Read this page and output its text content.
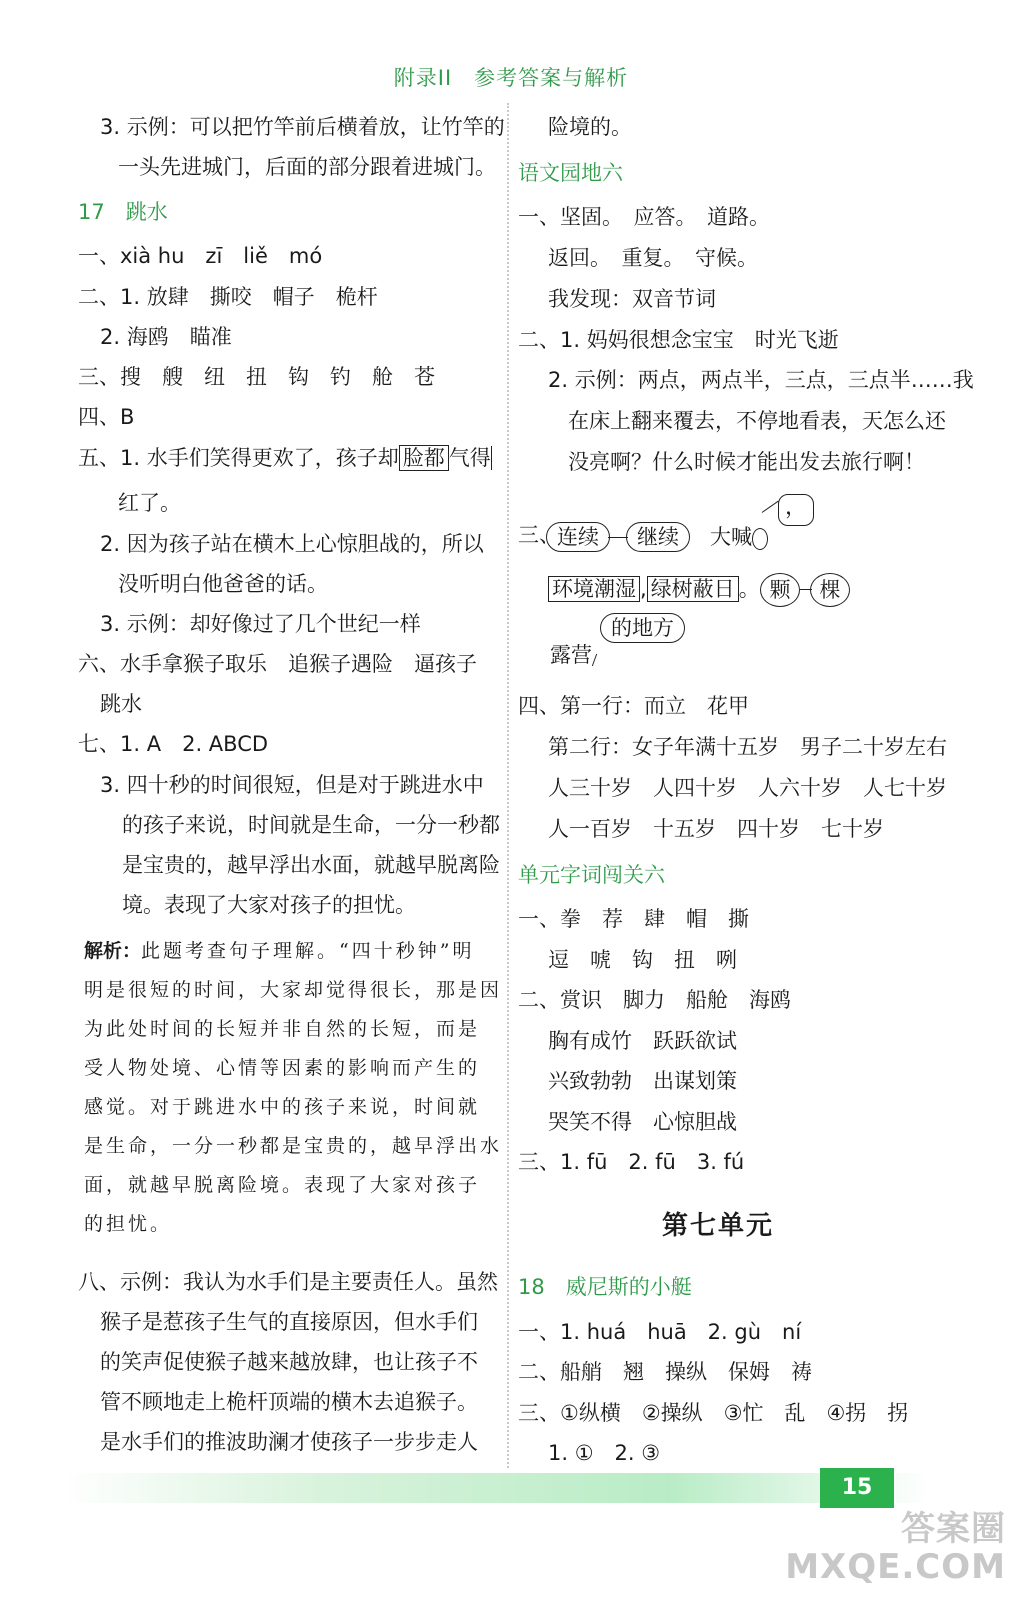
附录II　参考答案与解析
3. 示例：可以把竹竿前后横着放，让竹竿的
一头先进城门，后面的部分跟着进城门。
17　跳水
一、xià hu　zī　liě　mó
二、1. 放肆　撕咬　帽子　桅杆
2. 海鸥　瞄准
三、搜　艘　纽　扭　钩　钓　舱　苍
四、B
五、1. 水手们笑得更欢了，孩子却 脸都 气得
红了。
2. 因为孩子站在横木上心惊胆战的，所以
没听明白他爸爸的话。
3. 示例：却好像过了几个世纪一样
六、水手拿猴子取乐　追猴子遇险　逼孩子
跳水
七、1. A　2. ABCD
3. 四十秒的时间很短，但是对于跳进水中
的孩子来说，时间就是生命，一分一秒都
是宝贵的，越早浮出水面，就越早脱离险
境。表现了大家对孩子的担忧。
八、示例：我认为水手们是主要责任人。虽然
猴子是惹孩子生气的直接原因，但水手们
的笑声促使猴子越来越放肆，也让孩子不
管不顾地走上桅杆顶端的横木去追猴子。
是水手们的推波助澜才使孩子一步步走人
解析：此题考查句子理解。“四十秒钟”明
明是很短的时间，大家却觉得很长，那是因
为此处时间的长短并非自然的长短，而是
受人物处境、心情等因素的影响而产生的
感觉。对于跳进水中的孩子来说，时间就
是生命，一分一秒都是宝贵的，越早浮出水
面，就越早脱离险境。表现了大家对孩子
的担忧。
险境的。
语文园地六
一、坚固。　应答。　道路。
返回。　重复。　守候。
我发现：双音节词
二、1. 妈妈很想念宝宝　时光飞逝
2. 示例：两点，两点半，三点，三点半……我
在床上翻来覆去，不停地看表，天怎么还
没亮啊？什么时候才能出发去旅行啊！
四、第一行：而立　花甲
第二行：女子年满十五岁　男子二十岁左右
人三十岁　人四十岁　人六十岁　人七十岁
人一百岁　十五岁　四十岁　七十岁
单元字词闯关六
一、拳　荐　肆　帽　撕
逗　唬　钩　扭　咧
二、赏识　脚力　船舱　海鸥
胸有成竹　跃跃欲试
兴致勃勃　出谋划策
哭笑不得　心惊胆战
三、1. fū　2. fū　3. fú
18　威尼斯的小艇
一、1. huá　huā　2. gù　ní
二、船艄　翘　操纵　保姆　祷
三、①纵横　②操纵　③忙　乱　④拐　拐
1. ①　2. ③
三、
连续	继续	大喊
，
环境潮湿 , 绿树蔽日 。 颗	棵
的地方
露营
第七单元
15
答案圈
MXQE.COM
